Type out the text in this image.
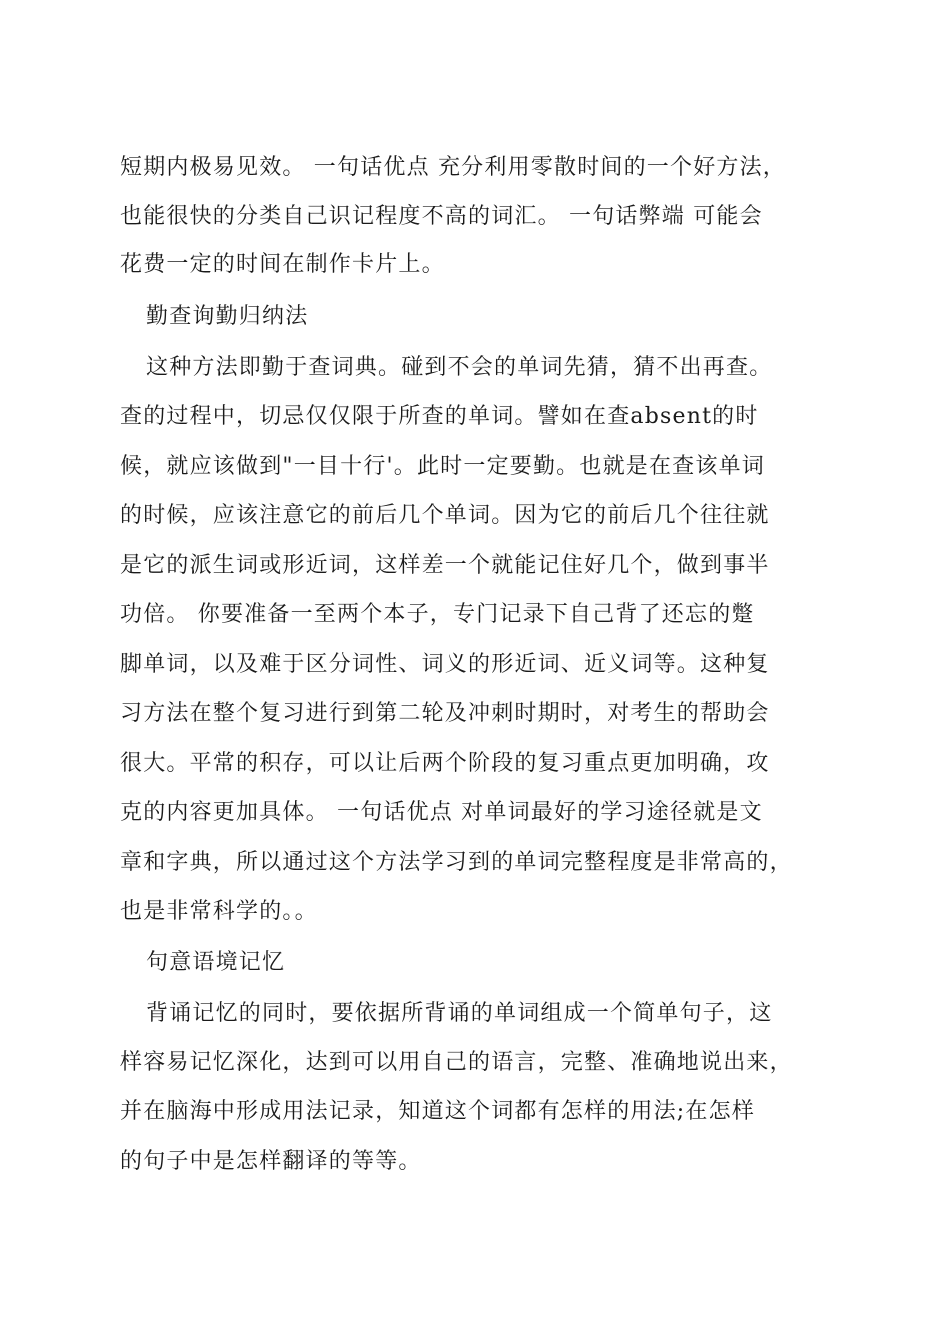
短期内极易见效。 一句话优点 充分利用零散时间的一个好方法，
也能很快的分类自己识记程度不高的词汇。 一句话弊端 可能会
花费一定的时间在制作卡片上。
勤查询勤归纳法
这种方法即勤于查词典。碰到不会的单词先猜，猜不出再查。
查的过程中，切忌仅仅限于所查的单词。譬如在查absent的时
候，就应该做到"一目十行'。此时一定要勤。也就是在查该单词
的时候，应该注意它的前后几个单词。因为它的前后几个往往就
是它的派生词或形近词，这样差一个就能记住好几个，做到事半
功倍。 你要准备一至两个本子，专门记录下自己背了还忘的蹩
脚单词，以及难于区分词性、词义的形近词、近义词等。这种复
习方法在整个复习进行到第二轮及冲刺时期时，对考生的帮助会
很大。平常的积存，可以让后两个阶段的复习重点更加明确，攻
克的内容更加具体。 一句话优点 对单词最好的学习途径就是文
章和字典，所以通过这个方法学习到的单词完整程度是非常高的，
也是非常科学的。。
句意语境记忆
背诵记忆的同时，要依据所背诵的单词组成一个简单句子，这
样容易记忆深化，达到可以用自己的语言，完整、准确地说出来，
并在脑海中形成用法记录，知道这个词都有怎样的用法;在怎样
的句子中是怎样翻译的等等。
